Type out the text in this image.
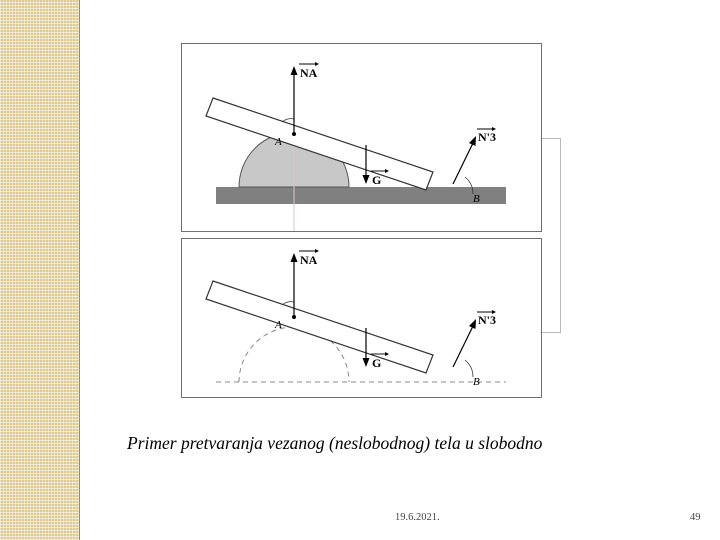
A
NA
G
N'3
B
A
NA
G
N'3
B
Primer pretvaranja vezanog (neslobodnog) tela u slobodno
19.6.2021.	49
